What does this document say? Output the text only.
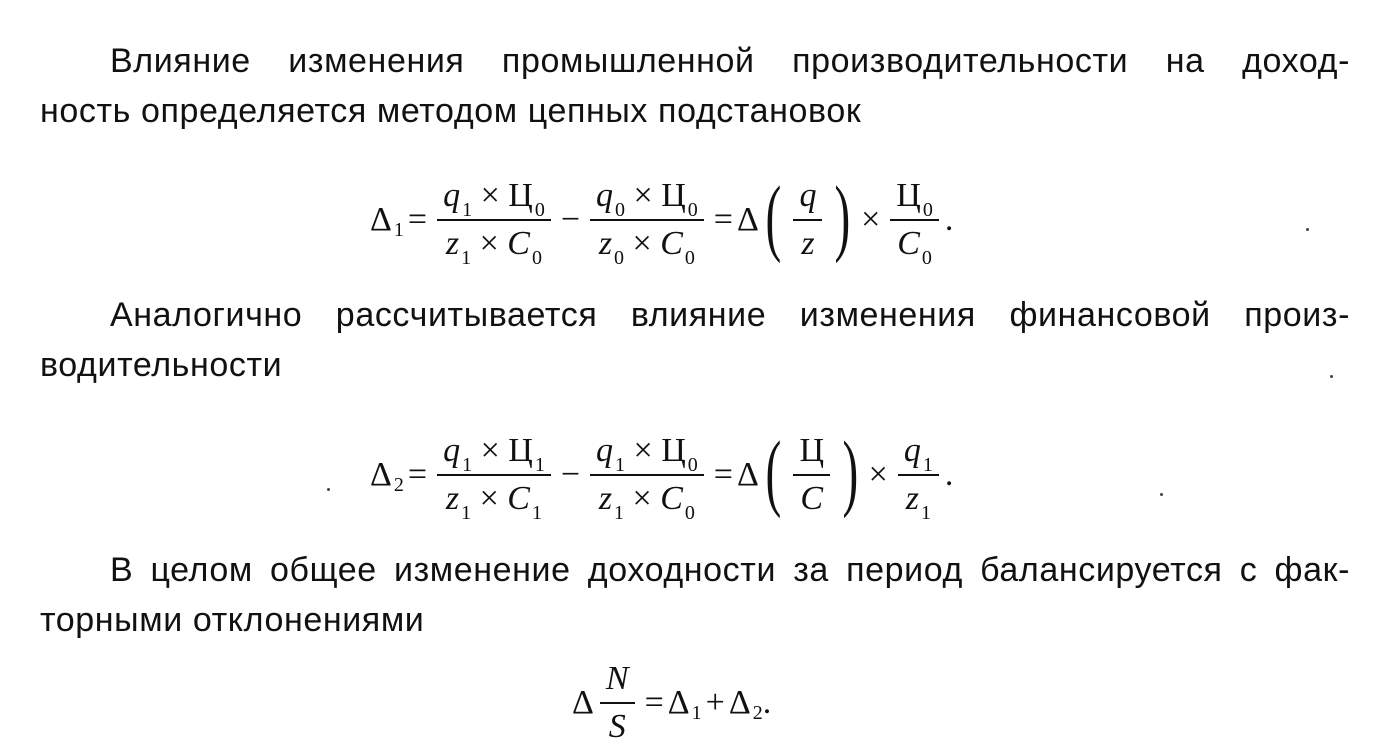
Влияние изменения промышленной производительности на доход-
ность определяется методом цепных подстановок
Δ $1 = \frac{q _1 \times Ц _0}{z _1 \times C _0} - \frac{q _0 \times Ц _0}{z _0 \times C _0} = \Delta$ ( $\frac{q}{z}$ ) × $\frac{Ц _0}{C _0}$ .
Аналогично рассчитывается влияние изменения финансовой произ-
водительности
Δ $2 = \frac{q _1 \times Ц _1}{z _1 \times C _1} - \frac{q _1 \times Ц _0}{z _1 \times C _0} = \Delta$ ( $\frac{Ц}{C}$ ) × $\frac{q _1}{z _1}$ .
В целом общее изменение доходности за период балансируется с фак-
торными отклонениями
Δ $\frac{N}{S} = \Delta$ 1 + Δ 2 .
